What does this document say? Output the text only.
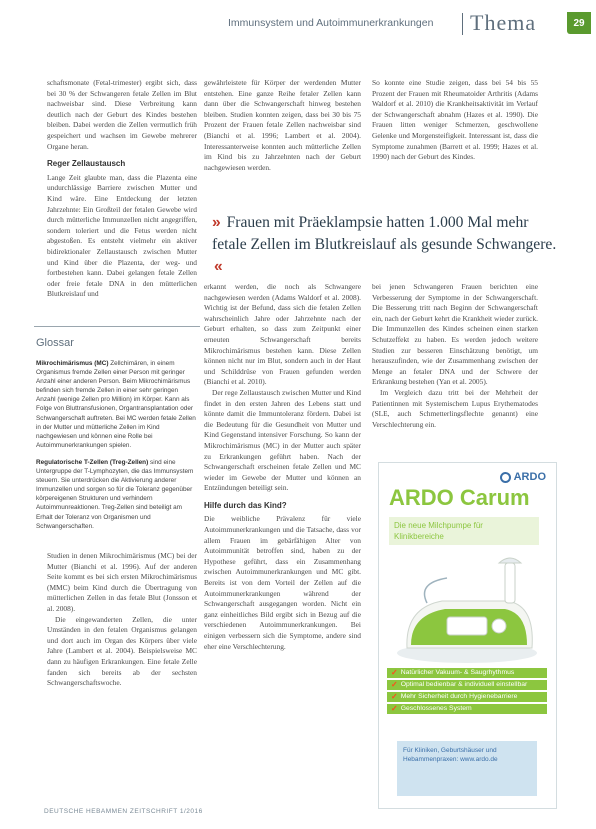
Immunsystem und Autoimmunerkrankungen Thema	29

schaftsmonate (Fetal-trimester) ergibt sich, dass bei 30 % der Schwangeren fetale Zellen im Blut nachweisbar sind. Diese Verbreitung kann deutlich nach der Geburt des Kindes bestehen bleiben. Dabei werden die Zellen vermutlich früh gespeichert und wachsen im Gewebe mehrerer Organe heran.

Reger Zellaustausch

Lange Zeit glaubte man, dass die Plazenta eine undurchlässige Barriere zwischen Mutter und Kind wäre. Eine Entdeckung der letzten Jahrzehnte: Ein Großteil der fetalen Gewebe wird durch mütterliche Immunzellen nicht angegriffen, sondern toleriert und die Fetus werden nicht abgestoßen. Es entsteht vielmehr ein aktiver bidirektionaler Zellaustausch zwischen Mutter und Kind über die Plazenta, der weg- und fortbestehen kann. Dabei gelangen fetale Zellen oder freie fetale DNA in den mütterlichen Blutkreislauf und

gewährleistete für Körper der werdenden Mutter entstehen. Eine ganze Reihe fetaler Zellen kann dann über die Schwangerschaft hinweg bestehen bleiben. Studien konnten zeigen, dass bei 30 bis 75 Prozent der Frauen fetale Zellen nachweisbar sind (Bianchi et al. 1996; Lambert et al. 2004). Interessanterweise konnten auch mütterliche Zellen im Kind bis zu Jahrzehnten nach der Geburt nachgewiesen werden.

So konnte eine Studie zeigen, dass bei 54 bis 55 Prozent der Frauen mit Rheumatoider Arthritis (Adams Waldorf et al. 2010) die Krankheitsaktivität im Verlauf der Schwangerschaft abnahm (Hazes et al. 1990). Die Frauen litten weniger Schmerzen, geschwollene Gelenke und Morgensteifigkeit. Interessant ist, dass die Symptome zunahmen (Barrett et al. 1999; Hazes et al. 1990) nach der Geburt des Kindes.

» Frauen mit Präeklampsie hatten 1.000 Mal mehr fetale Zellen im Blutkreislauf als gesunde Schwangere. «
Glossar
Mikrochimärismus (MC) Zellchimären, in einem Organismus fremde Zellen einer Person mit geringer Anzahl einer anderen Person. Beim Mikrochimärismus befinden sich fremde Zellen in einer sehr geringen Anzahl (wenige Zellen pro Million) im Körper. Kann als Folge von Bluttransfusionen, Organtransplantation oder Schwangerschaft auftreten. Bei MC werden fetale Zellen in der Mutter und mütterliche Zellen im Kind nachgewiesen und können eine Rolle bei Autoimmunerkrankungen spielen.
Regulatorische T-Zellen (Treg-Zellen) sind eine Untergruppe der T-Lymphozyten, die das Immunsystem steuern. Sie unterdrücken die Aktivierung anderer Immunzellen und sorgen so für die Toleranz gegenüber körpereigenen Strukturen und verhindern Autoimmunreaktionen. Treg-Zellen sind beteiligt am Erhalt der Toleranz von Organismen und Schwangerschaften.

Studien in denen Mikrochimärismus (MC) bei der Mutter (Bianchi et al. 1996). Auf der anderen Seite kommt es bei sich ersten Mikrochimärismus (MMC) beim Kind durch die Übertragung von mütterlichen Zellen in das fetale Blut (Jonsson et al. 2008).

Die eingewanderten Zellen, die unter Umständen in den fetalen Organismus gelangen und dort auch im Organ des Körpers über viele Jahre (Lambert et al. 2004). Beispielsweise MC dann zu häufigen Erkrankungen. Eine fetale Zelle fanden sich bereits ab der sechsten Schwangerschaftswoche.

erkannt werden, die noch als Schwangere nachgewiesen werden (Adams Waldorf et al. 2008). Wichtig ist der Befund, dass sich die fetalen Zellen wahrscheinlich Jahre oder Jahrzehnte nach der Geburt erhalten, so dass zum Zeitpunkt einer erneuten Schwangerschaft bereits Mikrochimärismus bestehen kann. Diese Zellen können nicht nur im Blut, sondern auch in der Haut und Schilddrüse von Frauen gefunden werden (Bianchi et al. 2010).

Der rege Zellaustausch zwischen Mutter und Kind findet in den ersten Jahren des Lebens statt und könnte damit die Immuntoleranz fördern. Dabei ist die Bedeutung für die Gesundheit von Mutter und Kind Gegenstand intensiver Forschung. So kann der Mikrochimärismus (MC) in der Mutter auch später zu Erkrankungen geführt haben. Nach der Schwangerschaft erscheinen fetale Zellen und MC wieder im Gewebe der Mutter und können an Entzündungen beteiligt sein.

Hilfe durch das Kind?

Die weibliche Prävalenz für viele Autoimmunerkrankungen und die Tatsache, dass vor allem Frauen im gebärfähigen Alter von Autoimmunität betroffen sind, haben zu der Hypothese geführt, dass ein Zusammenhang zwischen Autoimmunerkrankungen und MC gibt. Bereits ist von dem Vorteil der Zellen auf die Autoimmunerkrankungen während der Schwangerschaft ausgegangen worden. Nicht ein ganz einheitliches Bild ergibt sich in Bezug auf die verschiedenen Autoimmunerkrankungen. Bei einigen verbessern sich die Symptome, andere sind eher eine Verschlechterung.

bei jenen Schwangeren Frauen berichten eine Verbesserung der Symptome in der Schwangerschaft. Die Besserung tritt nach Beginn der Schwangerschaft ein, nach der Geburt kehrt die Krankheit wieder zurück. Die Immunzellen des Kindes scheinen einen starken Schutzeffekt zu haben. Es werden jedoch weitere Studien zur besseren Einschätzung benötigt, um herauszufinden, wie der Zusammenhang zwischen der Menge an fetaler DNA und der Schwere der Erkrankung bestehen (Yan et al. 2005).

Im Vergleich dazu tritt bei der Mehrheit der Patientinnen mit Systemischem Lupus Erythematodes (SLE, auch Schmetterlingsflechte genannt) eine Verschlechterung ein.

ARDO
ARDO Carum
Die neue Milchpumpe für Klinikbereiche
✓ Natürlicher Vakuum- & Saugrhythmus
✓ Optimal bedienbar & individuell einstellbar
✓ Mehr Sicherheit durch Hygienebarriere
✓ Geschlossenes System
Für Kliniken, Geburtshäuser und Hebammenpraxen: www.ardo.de
DEUTSCHE HEBAMMEN ZEITSCHRIFT 1/2016
